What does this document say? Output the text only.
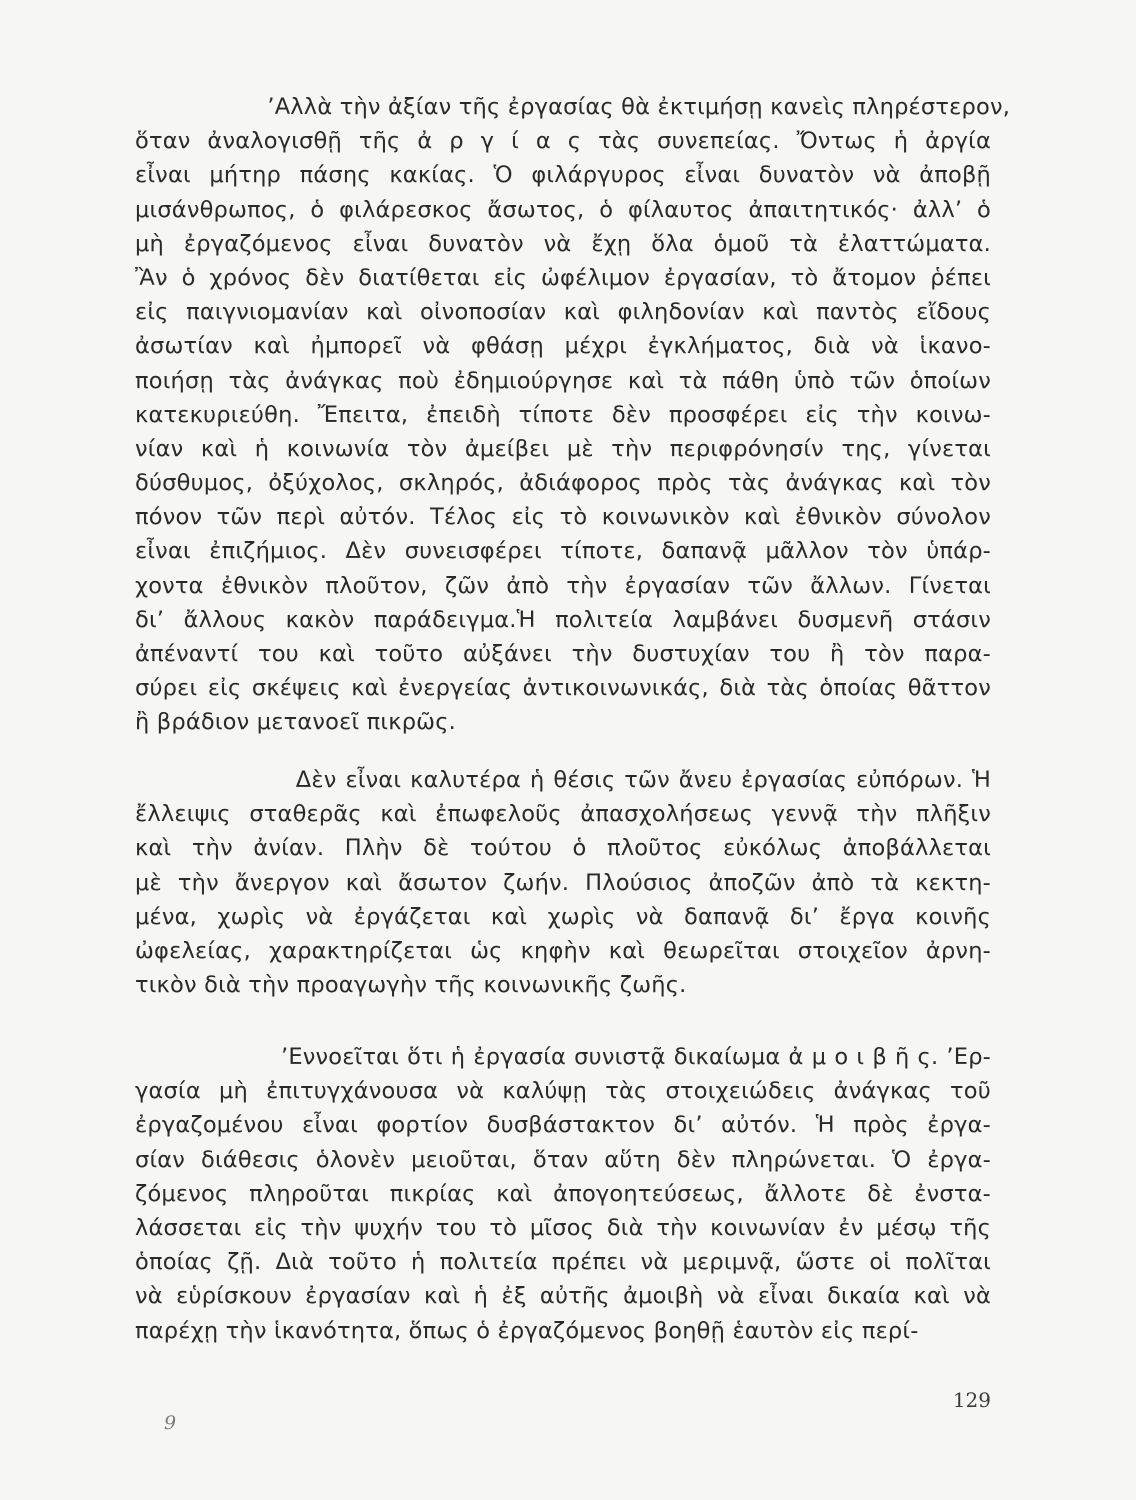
’Αλλὰ τὴν ἀξίαν τῆς ἐργασίας θὰ ἐκτιμήσῃ κανεὶς πληρέστερον,
ὅταν ἀναλογισθῇ τῆς ἀ ρ γ ί α ς τὰς συνεπείας. Ὄντως ἡ ἀργία
εἶναι μήτηρ πάσης κακίας. Ὁ φιλάργυρος εἶναι δυνατὸν νὰ ἀποβῇ
μισάνθρωπος, ὁ φιλάρεσκος ἄσωτος, ὁ φίλαυτος ἀπαιτητικός· ἀλλ’ ὁ
μὴ ἐργαζόμενος εἶναι δυνατὸν νὰ ἔχῃ ὅλα ὁμοῦ τὰ ἐλαττώματα.
Ἂν ὁ χρόνος δὲν διατίθεται εἰς ὠφέλιμον ἐργασίαν, τὸ ἄτομον ῥέπει
εἰς παιγνιομανίαν καὶ οἰνοποσίαν καὶ φιληδονίαν καὶ παντὸς εἴδους
ἀσωτίαν καὶ ἠμπορεῖ νὰ φθάσῃ μέχρι ἐγκλήματος, διὰ νὰ ἱκανο-
ποιήσῃ τὰς ἀνάγκας ποὺ ἐδημιούργησε καὶ τὰ πάθη ὑπὸ τῶν ὁποίων
κατεκυριεύθη. Ἔπειτα, ἐπειδὴ τίποτε δὲν προσφέρει εἰς τὴν κοινω-
νίαν καὶ ἡ κοινωνία τὸν ἀμείβει μὲ τὴν περιφρόνησίν της, γίνεται
δύσθυμος, ὀξύχολος, σκληρός, ἀδιάφορος πρὸς τὰς ἀνάγκας καὶ τὸν
πόνον τῶν περὶ αὐτόν. Τέλος εἰς τὸ κοινωνικὸν καὶ ἐθνικὸν σύνολον
εἶναι ἐπιζήμιος. Δὲν συνεισφέρει τίποτε, δαπανᾷ μᾶλλον τὸν ὑπάρ-
χοντα ἐθνικὸν πλοῦτον, ζῶν ἀπὸ τὴν ἐργασίαν τῶν ἄλλων. Γίνεται
δι’ ἄλλους κακὸν παράδειγμα.Ἡ πολιτεία λαμβάνει δυσμενῆ στάσιν
ἀπέναντί του καὶ τοῦτο αὐξάνει τὴν δυστυχίαν του ἢ τὸν παρα-
σύρει εἰς σκέψεις καὶ ἐνεργείας ἀντικοινωνικάς, διὰ τὰς ὁποίας θᾶττον
ἢ βράδιον μετανοεῖ πικρῶς.
Δὲν εἶναι καλυτέρα ἡ θέσις τῶν ἄνευ ἐργασίας εὐπόρων. Ἡ
ἔλλειψις σταθερᾶς καὶ ἐπωφελοῦς ἀπασχολήσεως γεννᾷ τὴν πλῆξιν
καὶ τὴν ἀνίαν. Πλὴν δὲ τούτου ὁ πλοῦτος εὐκόλως ἀποβάλλεται
μὲ τὴν ἄνεργον καὶ ἄσωτον ζωήν. Πλούσιος ἀποζῶν ἀπὸ τὰ κεκτη-
μένα, χωρὶς νὰ ἐργάζεται καὶ χωρὶς νὰ δαπανᾷ δι’ ἔργα κοινῆς
ὠφελείας, χαρακτηρίζεται ὡς κηφὴν καὶ θεωρεῖται στοιχεῖον ἀρνη-
τικὸν διὰ τὴν προαγωγὴν τῆς κοινωνικῆς ζωῆς.
’Εννοεῖται ὅτι ἡ ἐργασία συνιστᾷ δικαίωμα ἀ μ ο ι β ῆ ς. ’Ερ-
γασία μὴ ἐπιτυγχάνουσα νὰ καλύψῃ τὰς στοιχειώδεις ἀνάγκας τοῦ
ἐργαζομένου εἶναι φορτίον δυσβάστακτον δι’ αὐτόν. Ἡ πρὸς ἐργα-
σίαν διάθεσις ὁλονὲν μειοῦται, ὅταν αὕτη δὲν πληρώνεται. Ὁ ἐργα-
ζόμενος πληροῦται πικρίας καὶ ἀπογοητεύσεως, ἄλλοτε δὲ ἐνστα-
λάσσεται εἰς τὴν ψυχήν του τὸ μῖσος διὰ τὴν κοινωνίαν ἐν μέσῳ τῆς
ὁποίας ζῇ. Διὰ τοῦτο ἡ πολιτεία πρέπει νὰ μεριμνᾷ, ὥστε οἱ πολῖται
νὰ εὑρίσκουν ἐργασίαν καὶ ἡ ἐξ αὐτῆς ἀμοιβὴ νὰ εἶναι δικαία καὶ νὰ
παρέχῃ τὴν ἱκανότητα, ὅπως ὁ ἐργαζόμενος βοηθῇ ἑαυτὸν εἰς περί-
129
9
